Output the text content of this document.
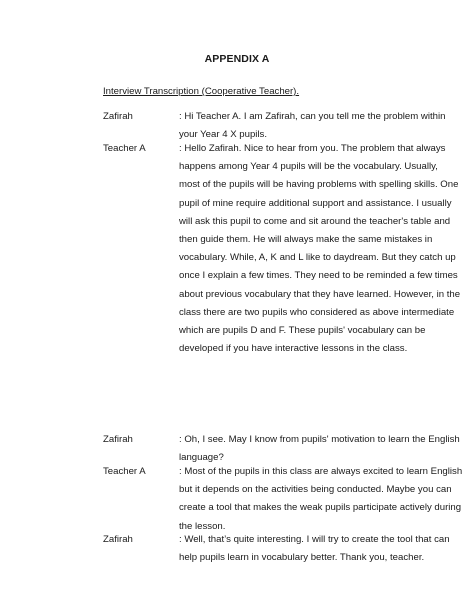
APPENDIX A
Interview Transcription (Cooperative Teacher).
Zafirah	: Hi Teacher A. I am Zafirah, can you tell me the problem within
your Year 4 X pupils.
Teacher A	: Hello Zafirah. Nice to hear from you. The problem that always
happens among Year 4 pupils will be the vocabulary. Usually,
most of the pupils will be having problems with spelling skills. One
pupil of mine require additional support and assistance. I usually
will ask this pupil to come and sit around the teacher's table and
then guide them. He will always make the same mistakes in
vocabulary. While, A, K and L like to daydream. But they catch up
once I explain a few times. They need to be reminded a few times
about previous vocabulary that they have learned. However, in the
class there are two pupils who considered as above intermediate
which are pupils D and F. These pupils' vocabulary can be
developed if you have interactive lessons in the class.
Zafirah	: Oh, I see. May I know from pupils' motivation to learn the English
language?
Teacher A	: Most of the pupils in this class are always excited to learn English
but it depends on the activities being conducted. Maybe you can
create a tool that makes the weak pupils participate actively during
the lesson.
Zafirah	: Well, that’s quite interesting. I will try to create the tool that can
help pupils learn in vocabulary better. Thank you, teacher.
